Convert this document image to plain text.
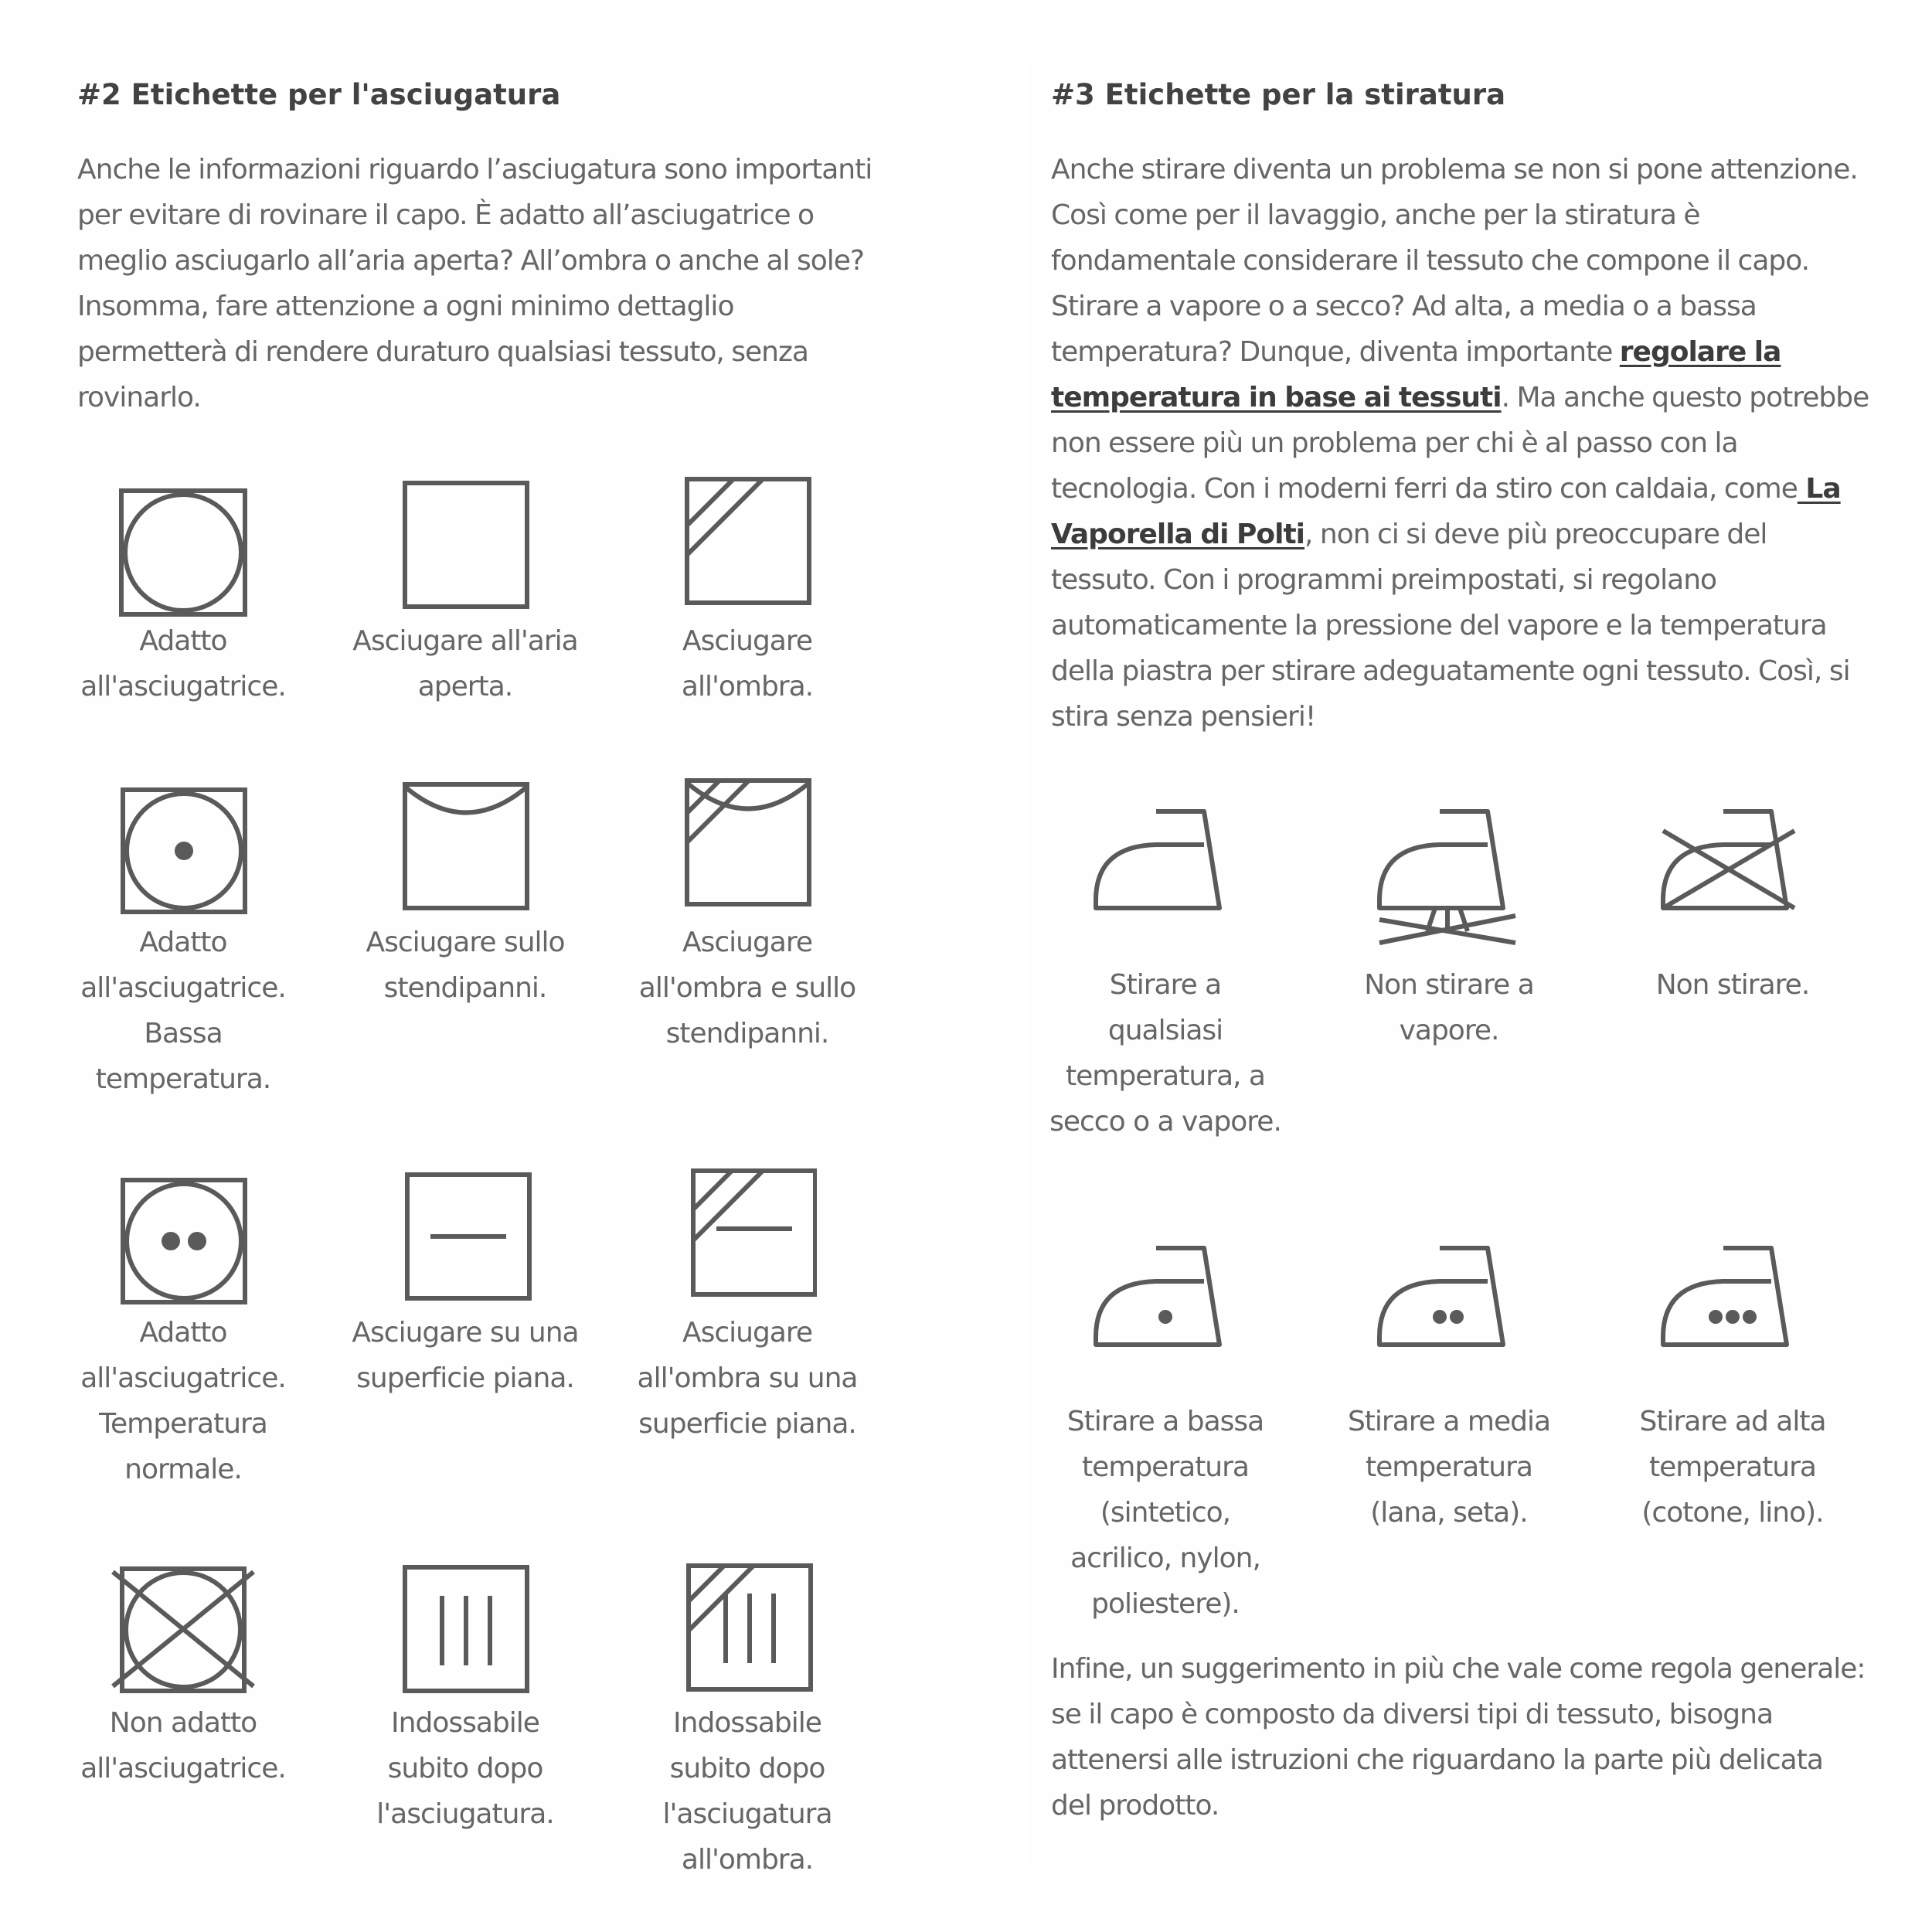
#2 Etichette per l'asciugatura

Anche le informazioni riguardo l’asciugatura sono importanti per evitare di rovinare il capo. È adatto all’asciugatrice o meglio asciugarlo all’aria aperta? All’ombra o anche al sole? Insomma, fare attenzione a ogni minimo dettaglio permetterà di rendere duraturo qualsiasi tessuto, senza rovinarlo.

Adatto all'asciugatrice.
Asciugare all'aria aperta.
Asciugare all'ombra.
Adatto all'asciugatrice. Bassa temperatura.
Asciugare sullo stendipanni.
Asciugare all'ombra e sullo stendipanni.
Adatto all'asciugatrice. Temperatura normale.
Asciugare su una superficie piana.
Asciugare all'ombra su una superficie piana.
Non adatto all'asciugatrice.
Indossabile subito dopo l'asciugatura.
Indossabile subito dopo l'asciugatura all'ombra.
#3 Etichette per la stiratura

Anche stirare diventa un problema se non si pone attenzione. Così come per il lavaggio, anche per la stiratura è fondamentale considerare il tessuto che compone il capo. Stirare a vapore o a secco? Ad alta, a media o a bassa temperatura? Dunque, diventa importante regolare la temperatura in base ai tessuti. Ma anche questo potrebbe non essere più un problema per chi è al passo con la tecnologia. Con i moderni ferri da stiro con caldaia, come La Vaporella di Polti, non ci si deve più preoccupare del tessuto. Con i programmi preimpostati, si regolano automaticamente la pressione del vapore e la temperatura della piastra per stirare adeguatamente ogni tessuto. Così, si stira senza pensieri!

Stirare a qualsiasi temperatura, a secco o a vapore.
Non stirare a vapore.
Non stirare.
Stirare a bassa temperatura (sintetico, acrilico, nylon, poliestere).
Stirare a media temperatura (lana, seta).
Stirare ad alta temperatura (cotone, lino).

Infine, un suggerimento in più che vale come regola generale: se il capo è composto da diversi tipi di tessuto, bisogna attenersi alle istruzioni che riguardano la parte più delicata del prodotto.
